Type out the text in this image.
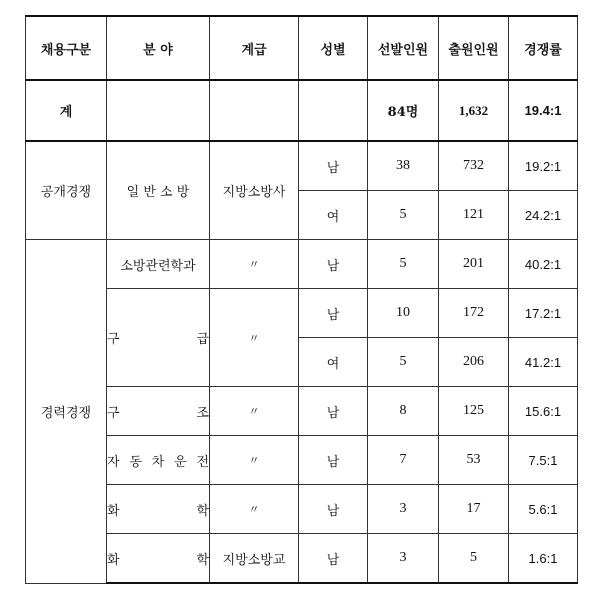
채용구분	분 야	계급	성별	선발인원	출원인원	경쟁률
계				84명	1,632	19.4:1
공개경쟁	일 반 소 방	지방소방사	남	38	732	19.2:1
			여	5	121	24.2:1
경력경쟁	소방관련학과	〃	남	5	201	40.2:1

	구 급	〃	남	10	172	17.2:1
			여	5	206	41.2:1

	구 조	〃	남	8	125	15.6:1

	자 동 차 운 전	〃	남	7	53	7.5:1

	화 학	〃	남	3	17	5.6:1

	화 학	지방소방교	남	3	5	1.6:1
